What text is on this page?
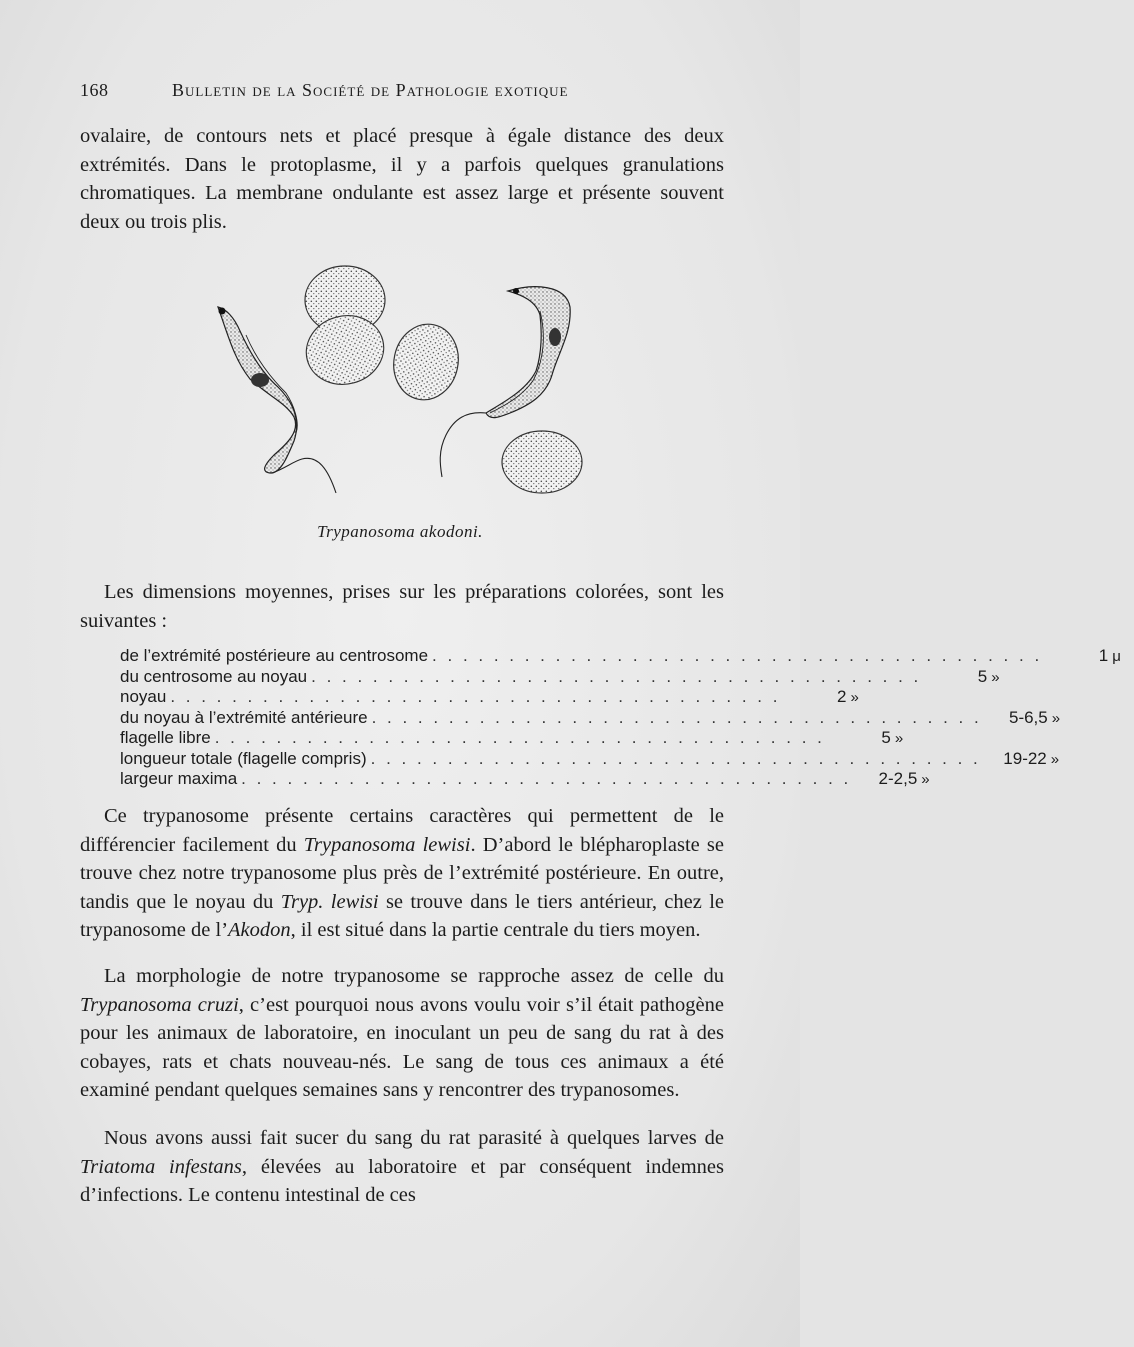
168	Bulletin de la Société de Pathologie exotique

ovalaire, de contours nets et placé presque à égale distance des deux extrémités. Dans le protoplasme, il y a parfois quelques granulations chromatiques. La membrane ondulante est assez large et présente souvent deux ou trois plis.

Trypanosoma akodoni.

Les dimensions moyennes, prises sur les préparations colorées, sont les suivantes :

de l’extrémité postérieure au centrosome . . . . . . . . . . . . . . . . . . . . . . . . . . . . . . . . . . . . . . . .	1 μ
du centrosome au noyau . . . . . . . . . . . . . . . . . . . . . . . . . . . . . . . . . . . . . . . .	5 »
noyau . . . . . . . . . . . . . . . . . . . . . . . . . . . . . . . . . . . . . . . .	2 »
du noyau à l’extrémité antérieure . . . . . . . . . . . . . . . . . . . . . . . . . . . . . . . . . . . . . . . .	5-6,5 »
flagelle libre . . . . . . . . . . . . . . . . . . . . . . . . . . . . . . . . . . . . . . . .	5 »
longueur totale (flagelle compris) . . . . . . . . . . . . . . . . . . . . . . . . . . . . . . . . . . . . . . . .	19-22 »
largeur maxima . . . . . . . . . . . . . . . . . . . . . . . . . . . . . . . . . . . . . . . .	2-2,5 »

Ce trypanosome présente certains caractères qui permettent de le différencier facilement du Trypanosoma lewisi. D’abord le blépharoplaste se trouve chez notre trypanosome plus près de l’extrémité postérieure. En outre, tandis que le noyau du Tryp. lewisi se trouve dans le tiers antérieur, chez le trypanosome de l’Akodon, il est situé dans la partie centrale du tiers moyen.

La morphologie de notre trypanosome se rapproche assez de celle du Trypanosoma cruzi, c’est pourquoi nous avons voulu voir s’il était pathogène pour les animaux de laboratoire, en inoculant un peu de sang du rat à des cobayes, rats et chats nouveau-nés. Le sang de tous ces animaux a été examiné pendant quelques semaines sans y rencontrer des trypanosomes.

Nous avons aussi fait sucer du sang du rat parasité à quelques larves de Triatoma infestans, élevées au laboratoire et par conséquent indemnes d’infections. Le contenu intestinal de ces
